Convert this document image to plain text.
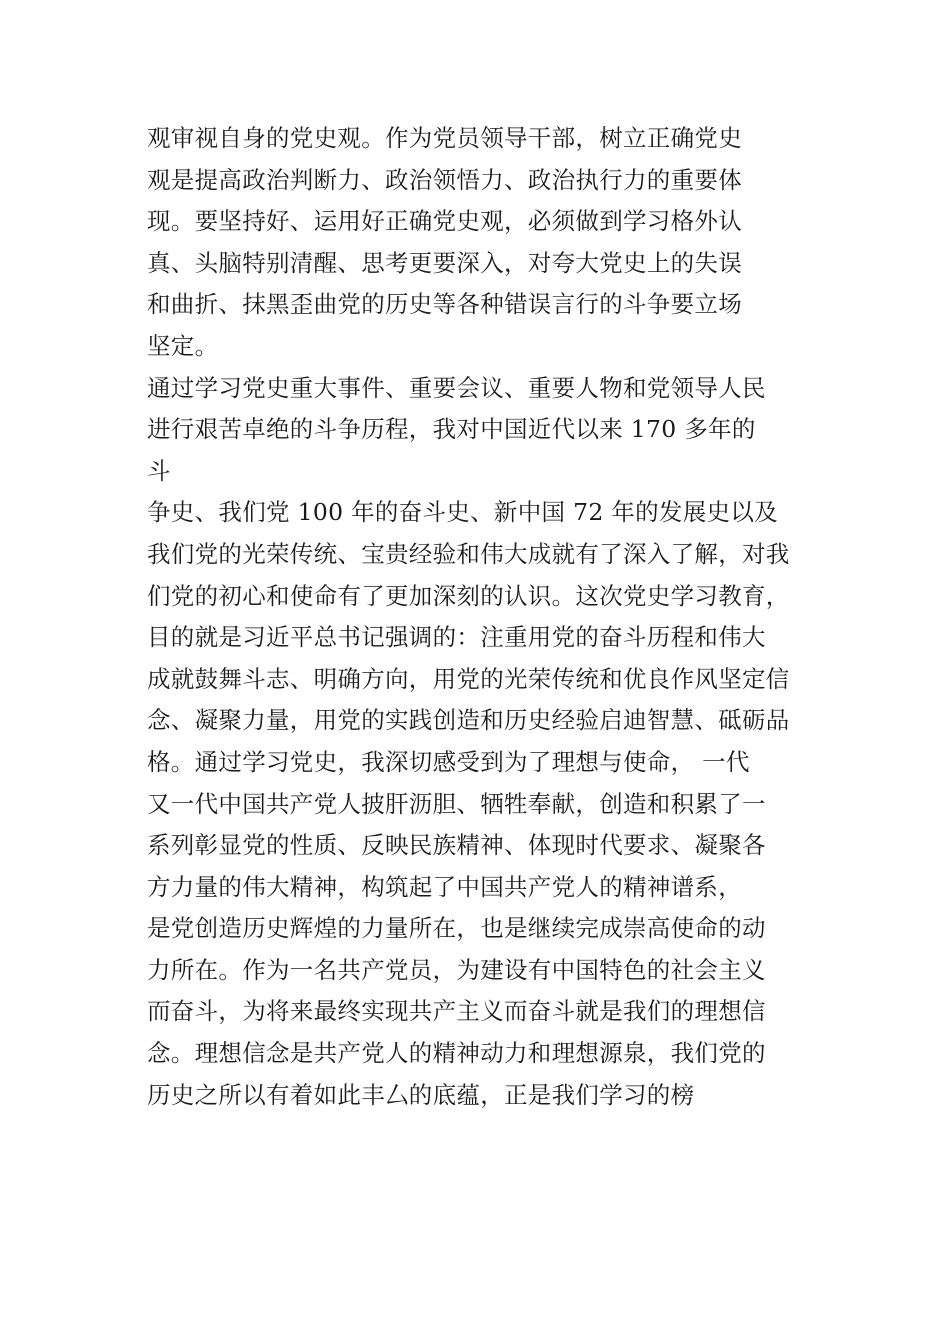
观审视自身的党史观。作为党员领导干部，树立正确党史
观是提高政治判断力、政治领悟力、政治执行力的重要体
现。要坚持好、运用好正确党史观，必须做到学习格外认
真、头脑特别清醒、思考更要深入，对夸大党史上的失误
和曲折、抹黑歪曲党的历史等各种错误言行的斗争要立场
坚定。
通过学习党史重大事件、重要会议、重要人物和党领导人民
进行艰苦卓绝的斗争历程，我对中国近代以来 170 多年的
斗
争史、我们党 100 年的奋斗史、新中国 72 年的发展史以及
我们党的光荣传统、宝贵经验和伟大成就有了深入了解，对我
们党的初心和使命有了更加深刻的认识。这次党史学习教育，
目的就是习近平总书记强调的：注重用党的奋斗历程和伟大
成就鼓舞斗志、明确方向，用党的光荣传统和优良作风坚定信
念、凝聚力量，用党的实践创造和历史经验启迪智慧、砥砺品
格。通过学习党史，我深切感受到为了理想与使命， 一代
又一代中国共产党人披肝沥胆、牺牲奉献，创造和积累了一
系列彰显党的性质、反映民族精神、体现时代要求、凝聚各
方力量的伟大精神，构筑起了中国共产党人的精神谱系，
是党创造历史辉煌的力量所在，也是继续完成崇高使命的动
力所在。作为一名共产党员，为建设有中国特色的社会主义
而奋斗，为将来最终实现共产主义而奋斗就是我们的理想信
念。理想信念是共产党人的精神动力和理想源泉，我们党的
历史之所以有着如此丰厶的底蕴，正是我们学习的榜
